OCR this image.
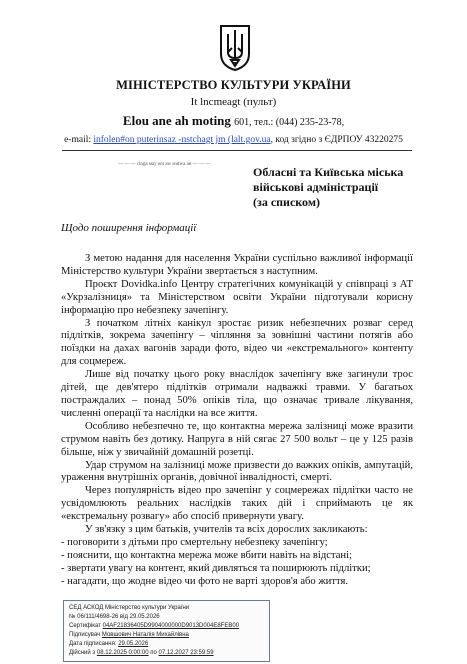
МІНІСТЕРСТВО КУЛЬТУРИ УКРАЇНИ
It lncmeagt (пульт)
Elou ane ah moting 601, тел.: (044) 235-23-78,
e-mail: infolen#on puterinsaz -nstchagt jm (lalt.gov.ua, код згідно з ЄДРПОУ 43220275
— — — clnga мaу ent aw мutwa ан — — —
Обласні та Київська міська
військові адміністрації
(за списком)
Щодо поширення інформації

З метою надання для населення України суспільно важливої інформації Міністерство культури України звертається з наступним.

Проєкт Dovidka.info Центру стратегічних комунікацій у співпраці з АТ «Укрзалізниця» та Міністерством освіти України підготували корисну інформацію про небезпеку зачепінгу.

З початком літніх канікул зростає ризик небезпечних розваг серед підлітків, зокрема зачепінгу – чіпляння за зовнішні частини потягів або поїздки на дахах вагонів заради фото, відео чи «екстремального» контенту для соцмереж.

Лише від початку цього року внаслідок зачепінгу вже загинули трос дітей, ще дев'ятеро підлітків отримали надважкі травми. У багатьох постраждалих – понад 50% опіків тіла, що означає тривале лікування, численні операції та наслідки на все життя.

Особливо небезпечно те, що контактна мережа залізниці може вразити струмом навіть без дотику. Напруга в ній сягає 27 500 вольт – це у 125 разів більше, ніж у звичайній домашній розетці.

Удар струмом на залізниці може призвести до важких опіків, ампутацій, ураження внутрішніх органів, довічної інвалідності, смерті.

Через популярність відео про зачепінг у соцмережах підлітки часто не усвідомлюють реальних наслідків таких дій і сприймають це як «екстремальну розвагу» або спосіб привернути увагу.

У зв'язку з цим батьків, учителів та всіх дорослих закликають:

- поговорити з дітьми про смертельну небезпеку зачепінгу;

- пояснити, що контактна мережа може вбити навіть на відстані;

- звертати увагу на контент, який дивляться та поширюють підлітки;

- нагадати, що жодне відео чи фото не варті здоров'я або життя.

СЕД АСКОД Міністерство культури України
№ 06/111/4698-26 від 29.05.2026
Сертифікат 04AF21836405D9904000000D9013D004E8FEB00
Підписувач Мовшович Наталія Михайлівна
Дата підписання: 29.05.2026
Дійсний з 08.12.2025 0:00:00 по 07.12.2027 23:59:59
